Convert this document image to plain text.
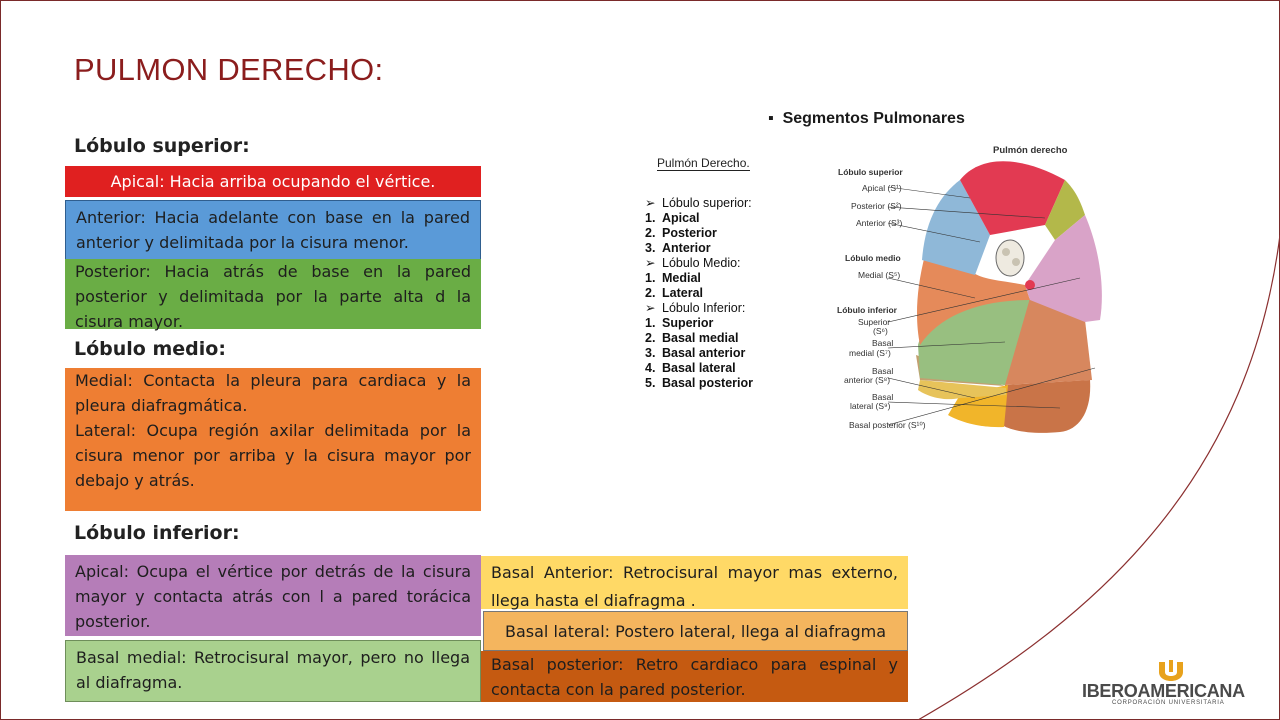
PULMON DERECHO:
Lóbulo superior:
Apical: Hacia arriba ocupando el vértice.
Anterior: Hacia adelante con base en la pared anterior y delimitada por la cisura menor.
Posterior: Hacia atrás de base en la pared posterior y delimitada por la parte alta d la cisura mayor.
Lóbulo medio:

Medial: Contacta la pleura para cardiaca y la pleura diafragmática.

Lateral: Ocupa región axilar delimitada por la cisura menor por arriba y la cisura mayor por debajo y atrás.

Lóbulo inferior:
Apical: Ocupa el vértice por detrás de la cisura mayor y contacta atrás con l a pared torácica posterior.
Basal medial: Retrocisural mayor, pero no llega al diafragma.
Basal Anterior: Retrocisural mayor mas externo, llega hasta el diafragma .
Basal lateral: Postero lateral, llega al diafragma
Basal posterior: Retro cardiaco para espinal y contacta con la pared posterior.
▪  Segmentos Pulmonares
Pulmón Derecho.
➢ Lóbulo superior:
1. Apical
2. Posterior
3. Anterior
➢ Lóbulo Medio:
1. Medial
2. Lateral
➢ Lóbulo Inferior:
1. Superior
2. Basal medial
3. Basal anterior
4. Basal lateral
5. Basal posterior
Pulmón derecho
Lóbulo superior
Apical (S¹)
Posterior (S²)
Anterior (S³)
Lóbulo medio
Medial (S⁵)
Lóbulo inferior
Superior
(S⁶)
Basal
medial (S⁷)
Basal
anterior (S⁸)
Basal
lateral (S⁹)
Basal posterior (S¹⁰)
IBEROAMERICANA
CORPORACIÓN UNIVERSITARIA
